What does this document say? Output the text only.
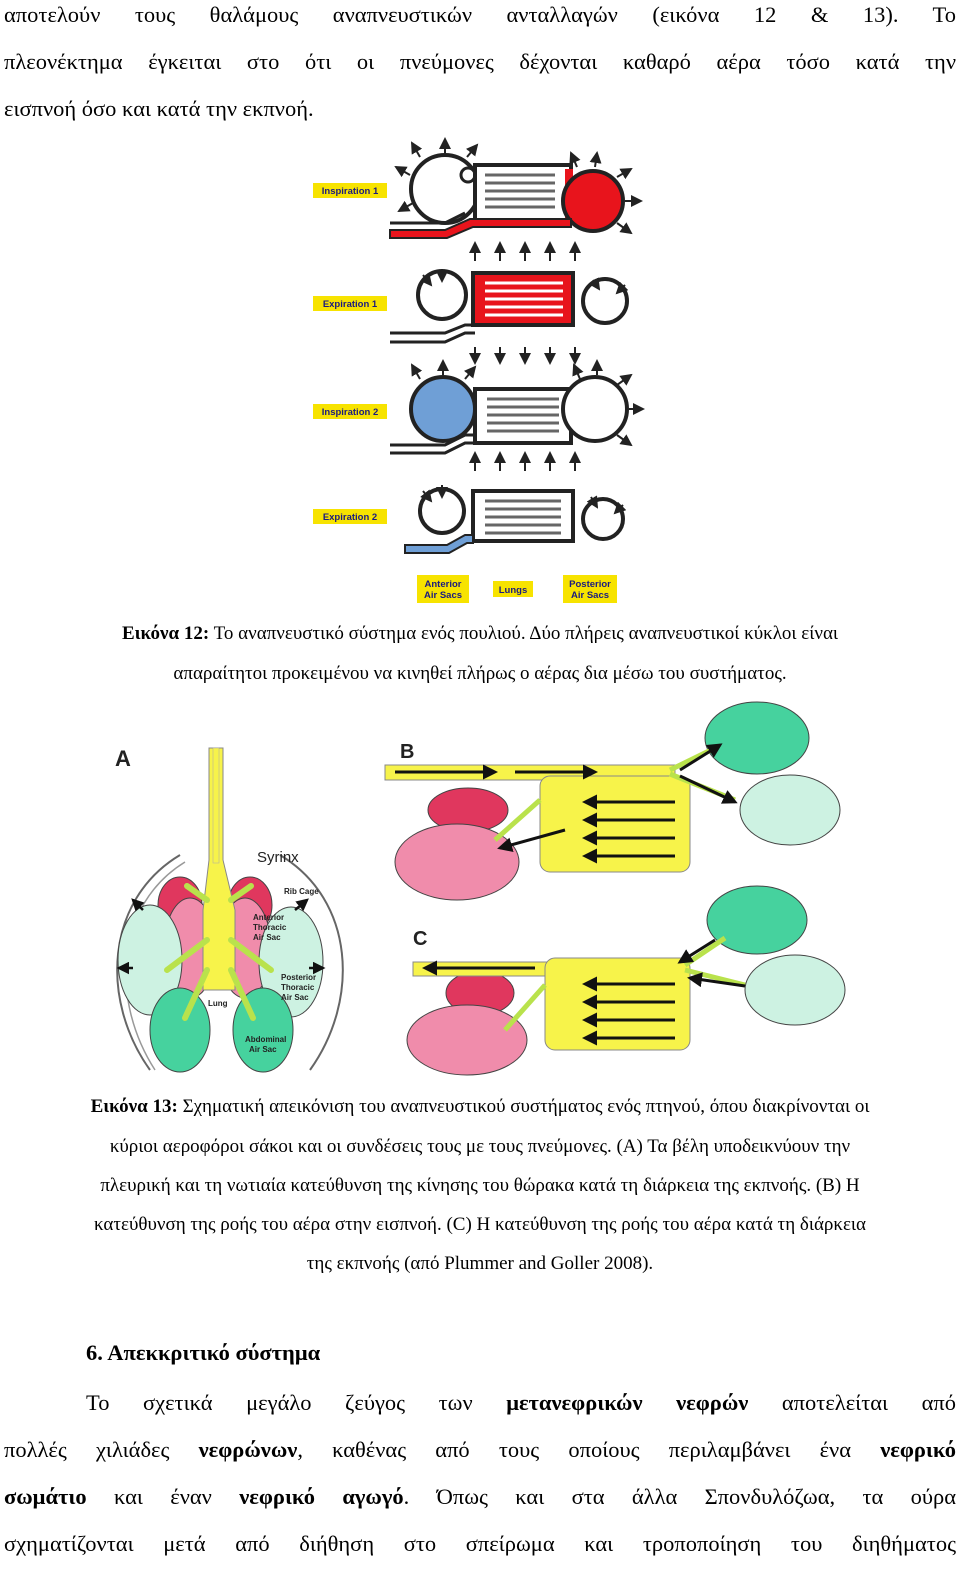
αποτελούν τους θαλάμους αναπνευστικών ανταλλαγών (εικόνα 12 & 13). Το
πλεονέκτημα έγκειται στο ότι οι πνεύμονες δέχονται καθαρό αέρα τόσο κατά την
εισπνοή όσο και κατά την εκπνοή.
Inspiration 1
Expiration 1
Inspiration 2
Expiration 2
Anterior
Air Sacs	Lungs
Posterior
Air Sacs
Εικόνα 12: Το αναπνευστικό σύστημα ενός πουλιού. Δύο πλήρεις αναπνευστικοί κύκλοι είναι
απαραίτητοι προκειμένου να κινηθεί πλήρως ο αέρας δια μέσω του συστήματος.
A
Syrinx
Rib Cage
Anterior
Thoracic
Air Sac
Posterior
Thoracic
Air Sac
Lung
Abdominal
Air Sac
B
C
Εικόνα 13: Σχηματική απεικόνιση του αναπνευστικού συστήματος ενός πτηνού, όπου διακρίνονται οι
κύριοι αεροφόροι σάκοι και οι συνδέσεις τους με τους πνεύμονες. (A) Τα βέλη υποδεικνύουν την
πλευρική και τη νωτιαία κατεύθυνση της κίνησης του θώρακα κατά τη διάρκεια της εκπνοής. (B) Η
κατεύθυνση της ροής του αέρα στην εισπνοή. (C) Η κατεύθυνση της ροής του αέρα κατά τη διάρκεια
της εκπνοής (από Plummer and Goller 2008).
6. Απεκκριτικό σύστημα
Το σχετικά μεγάλο ζεύγος των μετανεφρικών νεφρών αποτελείται από
πολλές χιλιάδες νεφρώνων, καθένας από τους οποίους περιλαμβάνει ένα νεφρικό
σωμάτιο και έναν νεφρικό αγωγό. Όπως και στα άλλα Σπονδυλόζωα, τα ούρα
σχηματίζονται μετά από διήθηση στο σπείρωμα και τροποποίηση του διηθήματος
